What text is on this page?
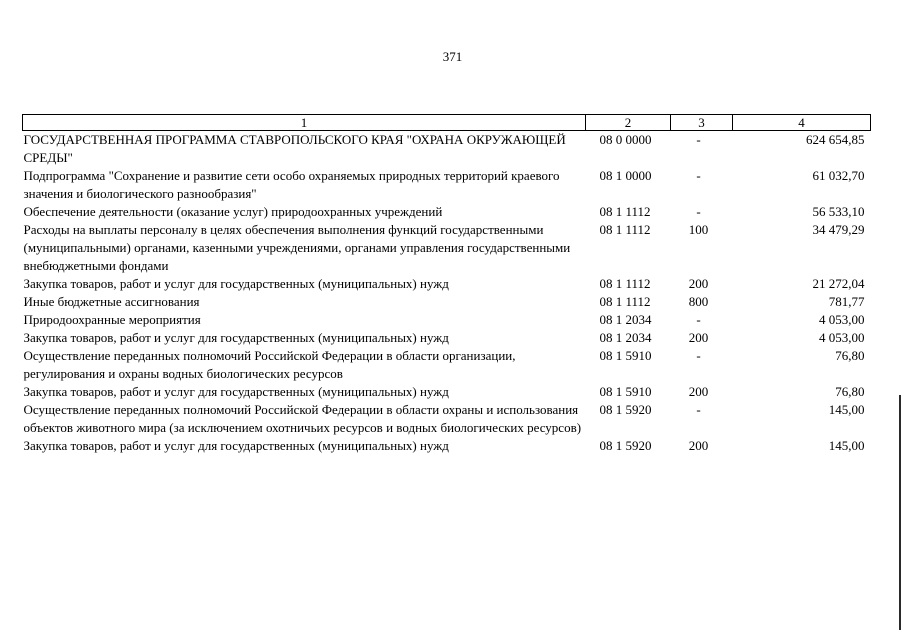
371
1	2	3	4
ГОСУДАРСТВЕННАЯ ПРОГРАММА СТАВРОПОЛЬСКОГО КРАЯ "ОХРАНА ОКРУЖАЮЩЕЙ СРЕДЫ"	08 0 0000	-	624 654,85
Подпрограмма "Сохранение и развитие сети особо охраняемых природных территорий краевого значения и биологического разнообразия"	08 1 0000	-	61 032,70
Обеспечение деятельности (оказание услуг) природоохранных учреждений	08 1 1112	-	56 533,10
Расходы на выплаты персоналу в целях обеспечения выполнения функций государственными (муниципальными) органами, казенными учреждениями, органами управления государственными внебюджетными фондами	08 1 1112	100	34 479,29
Закупка товаров, работ и услуг для государственных (муниципальных) нужд	08 1 1112	200	21 272,04
Иные бюджетные ассигнования	08 1 1112	800	781,77
Природоохранные мероприятия	08 1 2034	-	4 053,00
Закупка товаров, работ и услуг для государственных (муниципальных) нужд	08 1 2034	200	4 053,00
Осуществление переданных полномочий Российской Федерации в области организации, регулирования и охраны водных биологических ресурсов	08 1 5910	-	76,80
Закупка товаров, работ и услуг для государственных (муниципальных) нужд	08 1 5910	200	76,80
Осуществление переданных полномочий Российской Федерации в области охраны и использования объектов животного мира (за исключением охотничьих ресурсов и водных биологических ресурсов)	08 1 5920	-	145,00
Закупка товаров, работ и услуг для государственных (муниципальных) нужд	08 1 5920	200	145,00
